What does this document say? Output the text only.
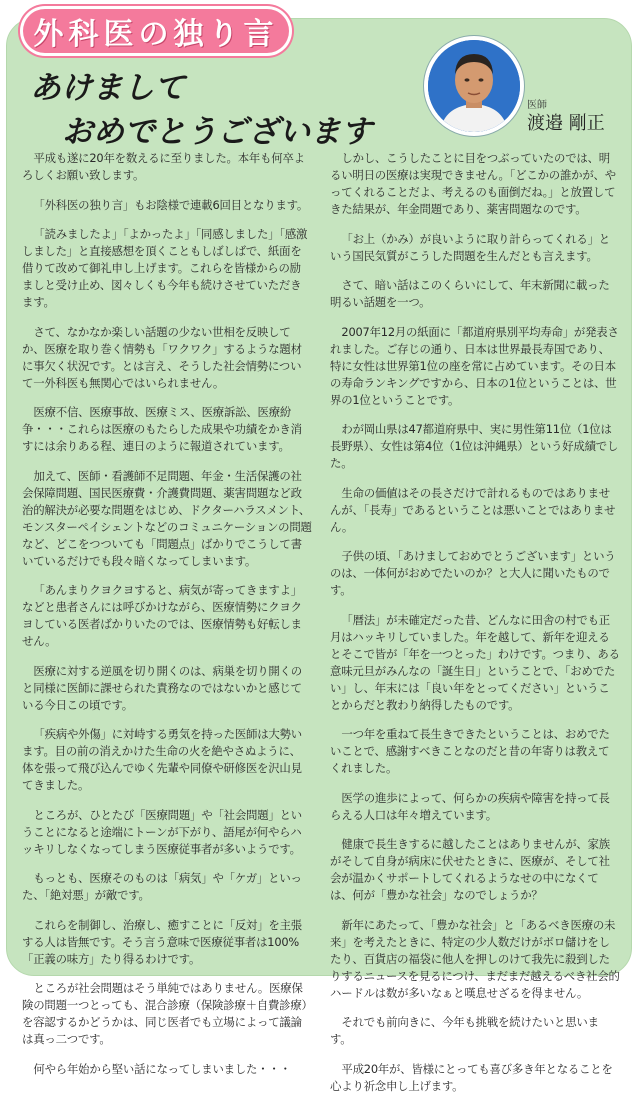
外科医の独り言
あけまして
おめでとうございます
医師
渡邉 剛正

平成も遂に20年を数えるに至りました。本年も何卒よろしくお願い致します。

「外科医の独り言」もお陰様で連載6回目となります。

「読みましたよ」「よかったよ」「同感しました」「感激しました」と直接感想を頂くこともしばしばで、紙面を借りて改めて御礼申し上げます。これらを皆様からの励ましと受け止め、図々しくも今年も続けさせていただきます。

さて、なかなか楽しい話題の少ない世相を反映してか、医療を取り巻く情勢も「ワクワク」するような題材に事欠く状況です。とは言え、そうした社会情勢について一外科医も無関心ではいられません。

医療不信、医療事故、医療ミス、医療訴訟、医療紛争・・・これらは医療のもたらした成果や功績をかき消すには余りある程、連日のように報道されています。

加えて、医師・看護師不足問題、年金・生活保護の社会保障問題、国民医療費・介護費問題、薬害問題など政治的解決が必要な問題をはじめ、ドクターハラスメント、モンスターペイシェントなどのコミュニケーションの問題など、どこをつついても「問題点」ばかりでこうして書いているだけでも段々暗くなってしまいます。

「あんまりクヨクヨすると、病気が寄ってきますよ」などと患者さんには呼びかけながら、医療情勢にクヨクヨしている医者ばかりいたのでは、医療情勢も好転しません。

医療に対する逆風を切り開くのは、病巣を切り開くのと同様に医師に課せられた責務なのではないかと感じている今日この頃です。

「疾病や外傷」に対峙する勇気を持った医師は大勢います。目の前の消えかけた生命の火を絶やさぬように、体を張って飛び込んでゆく先輩や同僚や研修医を沢山見てきました。

ところが、ひとたび「医療問題」や「社会問題」ということになると途端にトーンが下がり、語尾が何やらハッキリしなくなってしまう医療従事者が多いようです。

もっとも、医療そのものは「病気」や「ケガ」といった、「絶対悪」が敵です。

これらを制御し、治療し、癒すことに「反対」を主張する人は皆無です。そう言う意味で医療従事者は100%「正義の味方」たり得るわけです。

ところが社会問題はそう単純ではありません。医療保険の問題一つとっても、混合診療（保険診療＋自費診療）を容認するかどうかは、同じ医者でも立場によって議論は真っ二つです。

何やら年始から堅い話になってしまいました・・・

しかし、こうしたことに目をつぶっていたのでは、明るい明日の医療は実現できません。「どこかの誰かが、やってくれることだよ、考えるのも面倒だね。」と放置してきた結果が、年金問題であり、薬害問題なのです。

「お上（かみ）が良いように取り計らってくれる」という国民気質がこうした問題を生んだとも言えます。

さて、暗い話はこのくらいにして、年末新聞に載った明るい話題を一つ。

2007年12月の紙面に「都道府県別平均寿命」が発表されました。ご存じの通り、日本は世界最長寿国であり、特に女性は世界第1位の座を常に占めています。その日本の寿命ランキングですから、日本の1位ということは、世界の1位ということです。

わが岡山県は47都道府県中、実に男性第11位（1位は長野県）、女性は第4位（1位は沖縄県）という好成績でした。

生命の価値はその長さだけで計れるものではありませんが、「長寿」であるということは悪いことではありません。

子供の頃、「あけましておめでとうございます」というのは、一体何がおめでたいのか？と大人に聞いたものです。

「暦法」が未確定だった昔、どんなに田舎の村でも正月はハッキリしていました。年を越して、新年を迎えるとそこで皆が「年を一つとった」わけです。つまり、ある意味元旦がみんなの「誕生日」ということで、「おめでたい」し、年末には「良い年をとってください」ということからだと教わり納得したものです。

一つ年を重ねて長生きできたということは、おめでたいことで、感謝すべきことなのだと昔の年寄りは教えてくれました。

医学の進歩によって、何らかの疾病や障害を持って長らえる人口は年々増えています。

健康で長生きするに越したことはありませんが、家族がそして自身が病床に伏せたときに、医療が、そして社会が温かくサポートしてくれるようなせの中になくては、何が「豊かな社会」なのでしょうか？

新年にあたって、「豊かな社会」と「あるべき医療の未来」を考えたときに、特定の少人数だけがボロ儲けをしたり、百貨店の福袋に他人を押しのけて我先に殺到したりするニュースを見るにつけ、まだまだ越えるべき社会的ハードルは数が多いなぁと嘆息せざるを得ません。

それでも前向きに、今年も挑戦を続けたいと思います。

平成20年が、皆様にとっても喜び多き年となることを心より祈念申し上げます。
